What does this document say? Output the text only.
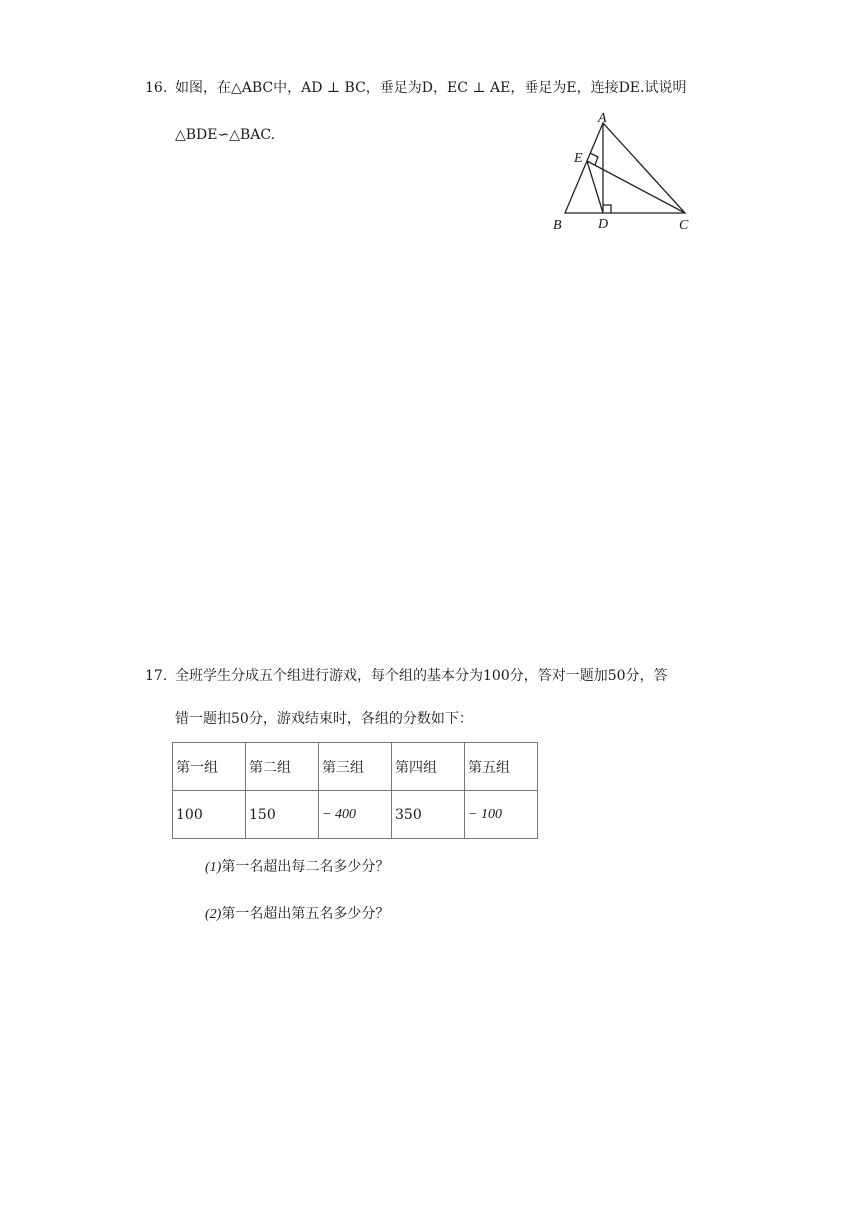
16. 如图，在△ABC中，AD ⊥ BC，垂足为D，EC ⊥ AE，垂足为E，连接DE.试说明
△BDE∽△BAC.
A
E
B	D	C
17. 全班学生分成五个组进行游戏，每个组的基本分为100分，答对一题加50分，答
错一题扣50分，游戏结束时，各组的分数如下：
第一组	第二组	第三组	第四组	第五组
100	150	− 400	350	− 100
(1)第一名超出每二名多少分？
(2)第一名超出第五名多少分？
